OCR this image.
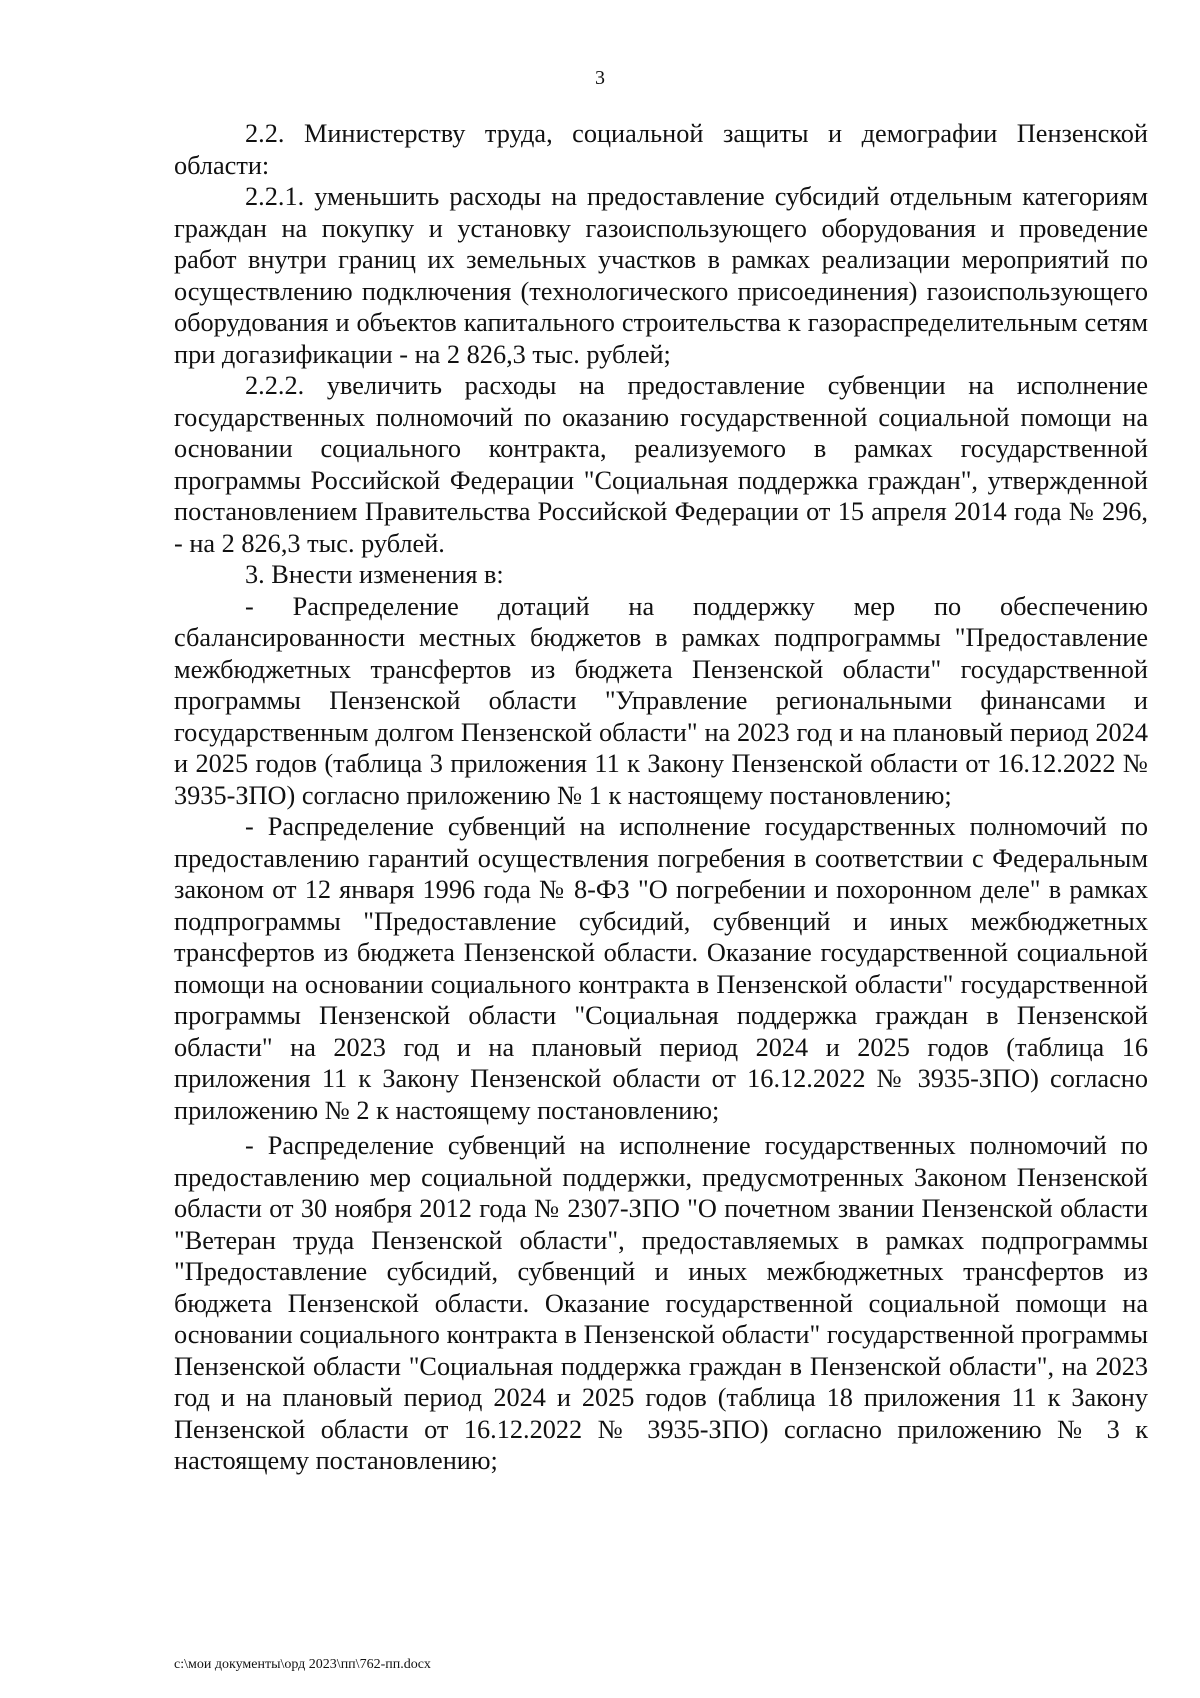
3

2.2. Министерству труда, социальной защиты и демографии Пензенской области:

2.2.1. уменьшить расходы на предоставление субсидий отдельным категориям граждан на покупку и установку газоиспользующего оборудования и проведение работ внутри границ их земельных участков в рамках реализации мероприятий по осуществлению подключения (технологического присоединения) газоиспользующего оборудования и объектов капитального строительства к газораспределительным сетям при догазификации - на 2 826,3 тыс. рублей;

2.2.2. увеличить расходы на предоставление субвенции на исполнение государственных полномочий по оказанию государственной социальной помощи на основании социального контракта, реализуемого в рамках государственной программы Российской Федерации "Социальная поддержка граждан", утвержденной постановлением Правительства Российской Федерации от 15 апреля 2014 года № 296, - на 2 826,3 тыс. рублей.

3. Внести изменения в:

- Распределение дотаций на поддержку мер по обеспечению сбалансированности местных бюджетов в рамках подпрограммы "Предоставление межбюджетных трансфертов из бюджета Пензенской области" государственной программы Пензенской области "Управление региональными финансами и государственным долгом Пензенской области" на 2023 год и на плановый период 2024 и 2025 годов (таблица 3 приложения 11 к Закону Пензенской области от 16.12.2022 № 3935-ЗПО) согласно приложению № 1 к настоящему постановлению;

- Распределение субвенций на исполнение государственных полномочий по предоставлению гарантий осуществления погребения в соответствии с Федеральным законом от 12 января 1996 года № 8-ФЗ "О погребении и похоронном деле" в рамках подпрограммы "Предоставление субсидий, субвенций и иных межбюджетных трансфертов из бюджета Пензенской области. Оказание государственной социальной помощи на основании социального контракта в Пензенской области" государственной программы Пензенской области "Социальная поддержка граждан в Пензенской области" на 2023 год и на плановый период 2024 и 2025 годов (таблица 16 приложения 11 к Закону Пензенской области от 16.12.2022 № 3935-ЗПО) согласно приложению № 2 к настоящему постановлению;

- Распределение субвенций на исполнение государственных полномочий по предоставлению мер социальной поддержки, предусмотренных Законом Пензенской области от 30 ноября 2012 года № 2307-ЗПО "О почетном звании Пензенской области "Ветеран труда Пензенской области", предоставляемых в рамках подпрограммы "Предоставление субсидий, субвенций и иных межбюджетных трансфертов из бюджета Пензенской области. Оказание государственной социальной помощи на основании социального контракта в Пензенской области" государственной программы Пензенской области "Социальная поддержка граждан в Пензенской области", на 2023 год и на плановый период 2024 и 2025 годов (таблица 18 приложения 11 к Закону Пензенской области от 16.12.2022 № 3935-ЗПО) согласно приложению № 3 к настоящему постановлению;

с:\мои документы\орд 2023\пп\762-пп.docx
